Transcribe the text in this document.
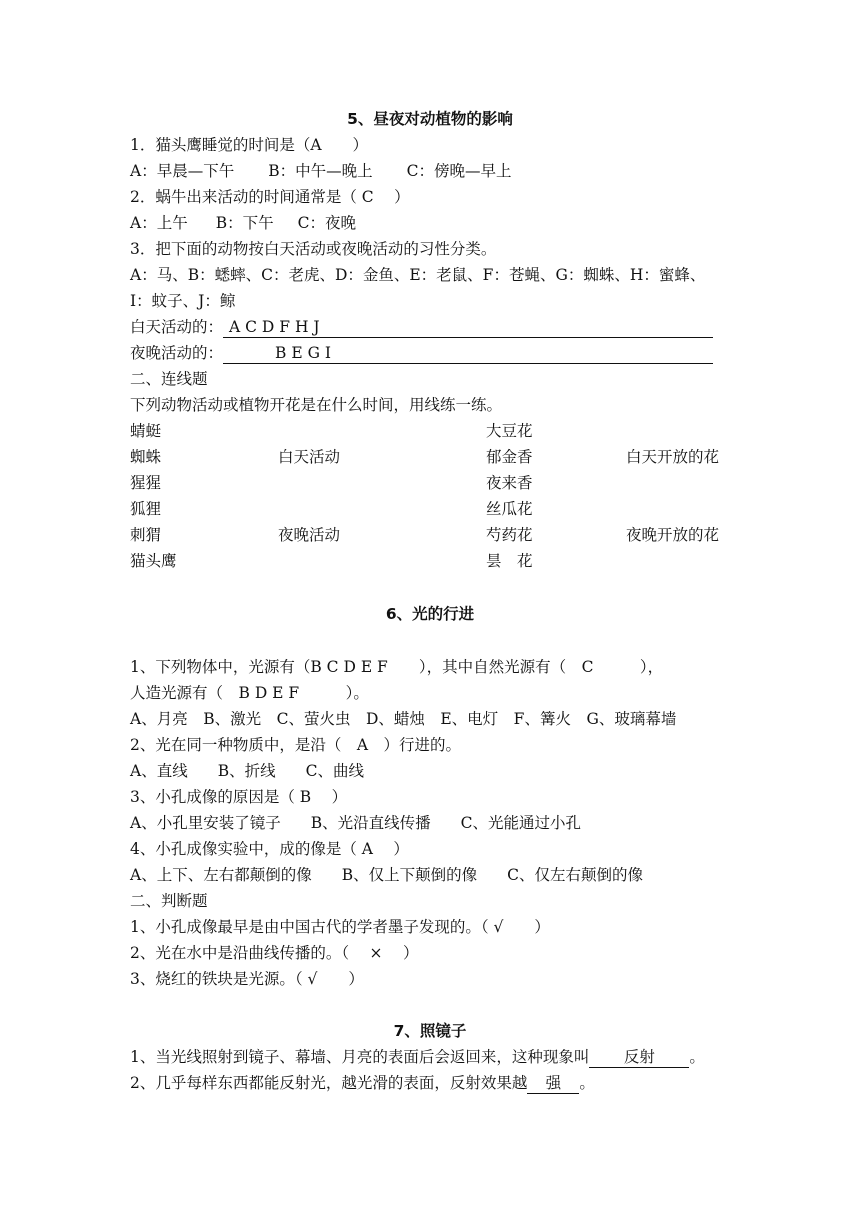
5、昼夜对动植物的影响
1．猫头鹰睡觉的时间是（A　　）
A：早晨—下午 B：中午—晚上 C：傍晚—早上
2．蜗牛出来活动的时间通常是（ C　 ）
A：上午 B：下午 C：夜晚
3．把下面的动物按白天活动或夜晚活动的习性分类。
A：马、B：蟋蟀、C：老虎、D：金鱼、E：老鼠、F：苍蝇、G：蜘蛛、H：蜜蜂、
I：蚊子、J：鲸
白天活动的： A C D F H J
夜晚活动的：	B E G I
二、连线题
下列动物活动或植物开花是在什么时间，用线练一练。
蜻蜓
蜘蛛
猩猩
狐狸
刺猬
猫头鹰
白天活动
夜晚活动
大豆花
郁金香
夜来香
丝瓜花
芍药花
昙　花
白天开放的花
夜晚开放的花
6、光的行进
1、下列物体中，光源有（B C D E F　　），其中自然光源有（　C　　　），
人造光源有（　B D E F　　　）。
A、月亮　B、激光　C、萤火虫　D、蜡烛　E、电灯　F、篝火　G、玻璃幕墙
2、光在同一种物质中，是沿（　A　）行进的。
A、直线 B、折线 C、曲线
3、小孔成像的原因是（ B　 ）
A、小孔里安装了镜子 B、光沿直线传播 C、光能通过小孔
4、小孔成像实验中，成的像是（ A　 ）
A、上下、左右都颠倒的像 B、仅上下颠倒的像 C、仅左右颠倒的像
二、判断题
1、小孔成像最早是由中国古代的学者墨子发现的。（ √　　）
2、光在水中是沿曲线传播的。（　 ×　 ）
3、烧红的铁块是光源。（ √　　）
7、照镜子
1、当光线照射到镜子、幕墙、月亮的表面后会返回来，这种现象叫 反射 。
2、几乎每样东西都能反射光，越光滑的表面，反射效果越 强 。
